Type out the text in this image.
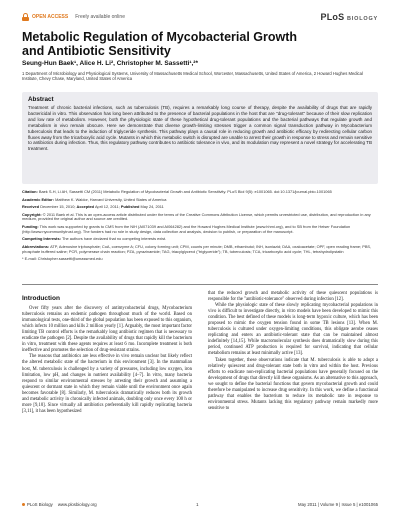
OPEN ACCESS Freely available online	PLoS BIOLOGY
Metabolic Regulation of Mycobacterial Growth and Antibiotic Sensitivity
Seung-Hun Baek¹, Alice H. Li², Christopher M. Sassetti¹,²*
1 Department of Microbiology and Physiological Systems, University of Massachusetts Medical School, Worcester, Massachusetts, United States of America, 2 Howard Hughes Medical Institute, Chevy Chase, Maryland, United States of America
Abstract

Treatment of chronic bacterial infections, such as tuberculosis (TB), requires a remarkably long course of therapy, despite the availability of drugs that are rapidly bactericidal in vitro. This observation has long been attributed to the presence of bacterial populations in the host that are "drug-tolerant" because of their slow replication and low rate of metabolism. However, both the physiologic state of these hypothetical drug-tolerant populations and the bacterial pathways that regulate growth and metabolism in vivo remain obscure. Here we demonstrate that diverse growth-limiting stresses trigger a common signal transduction pathway in Mycobacterium tuberculosis that leads to the induction of triglyceride synthesis. This pathway plays a causal role in reducing growth and antibiotic efficacy by redirecting cellular carbon fluxes away from the tricarboxylic acid cycle. Mutants in which this metabolic switch is disrupted are unable to arrest their growth in response to stress and remain sensitive to antibiotics during infection. Thus, this regulatory pathway contributes to antibiotic tolerance in vivo, and its modulation may represent a novel strategy for accelerating TB treatment.

Citation: Baek S-H, Li AH, Sassetti CM (2011) Metabolic Regulation of Mycobacterial Growth and Antibiotic Sensitivity. PLoS Biol 9(5): e1001065. doi:10.1371/journal.pbio.1001065

Academic Editor: Matthew K. Waldor, Harvard University, United States of America

Received December 15, 2010; Accepted April 12, 2011; Published May 24, 2011

Copyright: © 2011 Baek et al. This is an open-access article distributed under the terms of the Creative Commons Attribution License, which permits unrestricted use, distribution, and reproduction in any medium, provided the original author and source are credited.

Funding: This work was supported by grants to CMS from the NIH (AI071039 and AI064282) and the Howard Hughes Medical Institute (www.hhmi.org), and to SB from the Heiser Foundation (http://www.nycommunitytrust.org). The funders had no role in study design, data collection and analysis, decision to publish, or preparation of the manuscript.

Competing Interests: The authors have declared that no competing interests exist.

Abbreviations: ATP, Adenosine triphosphate; CoA, coenzyme A; CFU, colony forming unit; CPM, counts per minute; DMB, ethambutol; INH, isoniazid; DAA, oxaloacetate; OPF, open reading frame; PBS, phosphate buffered saline; PCR, polymerase chain reaction; PZA, pyrazinamide; TAG, triacylglycerol ("triglyceride"); TB, tuberculosis; TCA, tricarboxylic acid cycle; THL, tetrahydrolipstatin

* E-mail: Christopher.sassetti@umassmed.edu

Introduction

Over fifty years after the discovery of antimycobacterial drugs, Mycobacterium tuberculosis remains an endemic pathogen throughout much of the world. Based on immunological tests, one-third of the global population has been exposed to this organism, which infects 10 million and kills 2 million yearly [1]. Arguably, the most important factor limiting TB control efforts is the remarkably long antibiotic regimen that is necessary to eradicate the pathogen [2]. Despite the availability of drugs that rapidly kill the bacterium in vitro, treatment with these agents requires at least 6 mo. Incomplete treatment is both ineffective and promotes the selection of drug-resistant strains.

The reasons that antibiotics are less effective in vivo remain unclear but likely reflect the altered metabolic state of the bacterium in this environment [3]. In the mammalian host, M. tuberculosis is challenged by a variety of pressures, including low oxygen, iron limitation, low pH, and changes in nutrient availability [4–7]. In vitro, many bacteria respond to similar environmental stresses by arresting their growth and assuming a quiescent or dormant state in which they remain viable until the environment once again becomes favorable [8]. Similarly, M. tuberculosis dramatically reduces both its growth and metabolic activity in chronically infected animals, doubling only once every 100 h or more [9,10]. Since virtually all antibiotics preferentially kill rapidly replicating bacteria [3,11], it has been hypothesized

that the reduced growth and metabolic activity of these quiescent populations is responsible for the "antibiotic-tolerance" observed during infection [12].

While the physiologic state of these slowly replicating mycobacterial populations in vivo is difficult to investigate directly, in vitro models have been developed to mimic this condition. The best defined of these models is long-term hypoxic culture, which has been proposed to mimic the oxygen tension found in some TB lesions [13]. When M. tuberculosis is cultured under oxygen-limiting conditions, this obligate aerobe ceases replicating and enters an antibiotic-tolerant state that can be maintained almost indefinitely [14,15]. While macromolecular synthesis does dramatically slow during this period, continued ATP production is required for survival, indicating that cellular metabolism remains at least minimally active [13].

Taken together, these observations indicate that M. tuberculosis is able to adopt a relatively quiescent and drug-tolerant state both in vitro and within the host. Previous efforts to eradicate non-replicating bacterial populations have generally focused on the development of drugs that directly kill these organisms. As an alternative to this approach, we sought to define the bacterial functions that govern mycobacterial growth and could therefore be manipulated to increase drug sensitivity. In this work, we define a functional pathway that enables the bacterium to reduce its metabolic rate in response to environmental stress. Mutants lacking this regulatory pathway remain markedly more sensitive to

PLoS Biology www.plosbiology.org	1	May 2011 | Volume 9 | Issue 5 | e1001065
